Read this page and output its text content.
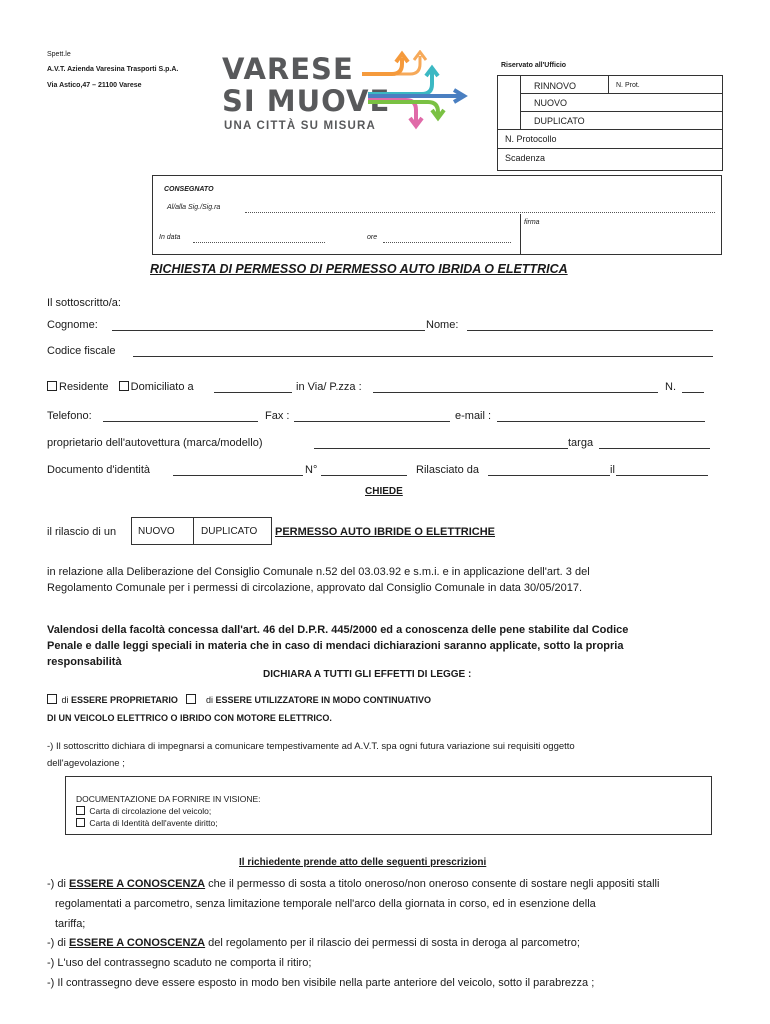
Spett.le
A.V.T. Azienda Varesina Trasporti S.p.A.
Via Astico,47 – 21100 Varese	VARESE
SI MUOVE
UNA CITTÀ SU MISURA
Riservato all'Ufficio
RINNOVO	N. Prot.
NUOVO
DUPLICATO
N. Protocollo
Scadenza
CONSEGNATO
Al/alla Sig./Sig.ra
firma
In data	ore
RICHIESTA DI PERMESSO DI PERMESSO AUTO IBRIDA O ELETTRICA
Il sottoscritto/a:
Cognome:	Nome:
Codice fiscale
Residente Domiciliato a	in Via/ P.zza :	N.
Telefono:	Fax :	e-mail :
proprietario dell'autovettura (marca/modello)	targa
Documento d'identità	N°	Rilasciato da	il
CHIEDE
il rilascio di un NUOVO	DUPLICATO PERMESSO AUTO IBRIDE O ELETTRICHE
in relazione alla Deliberazione del Consiglio Comunale n.52 del 03.03.92 e s.m.i. e in applicazione dell'art. 3 del
Regolamento Comunale per i permessi di circolazione, approvato dal Consiglio Comunale in data 30/05/2017.
Valendosi della facoltà concessa dall'art. 46 del D.P.R. 445/2000 ed a conoscenza delle pene stabilite dal Codice
Penale e dalle leggi speciali in materia che in caso di mendaci dichiarazioni saranno applicate, sotto la propria
responsabilità
DICHIARA A TUTTI GLI EFFETTI DI LEGGE :
di ESSERE PROPRIETARIO	di ESSERE UTILIZZATORE IN MODO CONTINUATIVO
DI UN VEICOLO ELETTRICO O IBRIDO CON MOTORE ELETTRICO.
-) Il sottoscritto dichiara di impegnarsi a comunicare tempestivamente ad A.V.T. spa ogni futura variazione sui requisiti oggetto
dell'agevolazione ;
DOCUMENTAZIONE DA FORNIRE IN VISIONE:
Carta di circolazione del veicolo;
Carta di Identità dell'avente diritto;
Il richiedente prende atto delle seguenti prescrizioni
-) di ESSERE A CONOSCENZA che il permesso di sosta a titolo oneroso/non oneroso consente di sostare negli appositi stalli
regolamentati a parcometro, senza limitazione temporale nell'arco della giornata in corso, ed in esenzione della
tariffa;
-) di ESSERE A CONOSCENZA del regolamento per il rilascio dei permessi di sosta in deroga al parcometro;
-) L'uso del contrassegno scaduto ne comporta il ritiro;
-) Il contrassegno deve essere esposto in modo ben visibile nella parte anteriore del veicolo, sotto il parabrezza ;
